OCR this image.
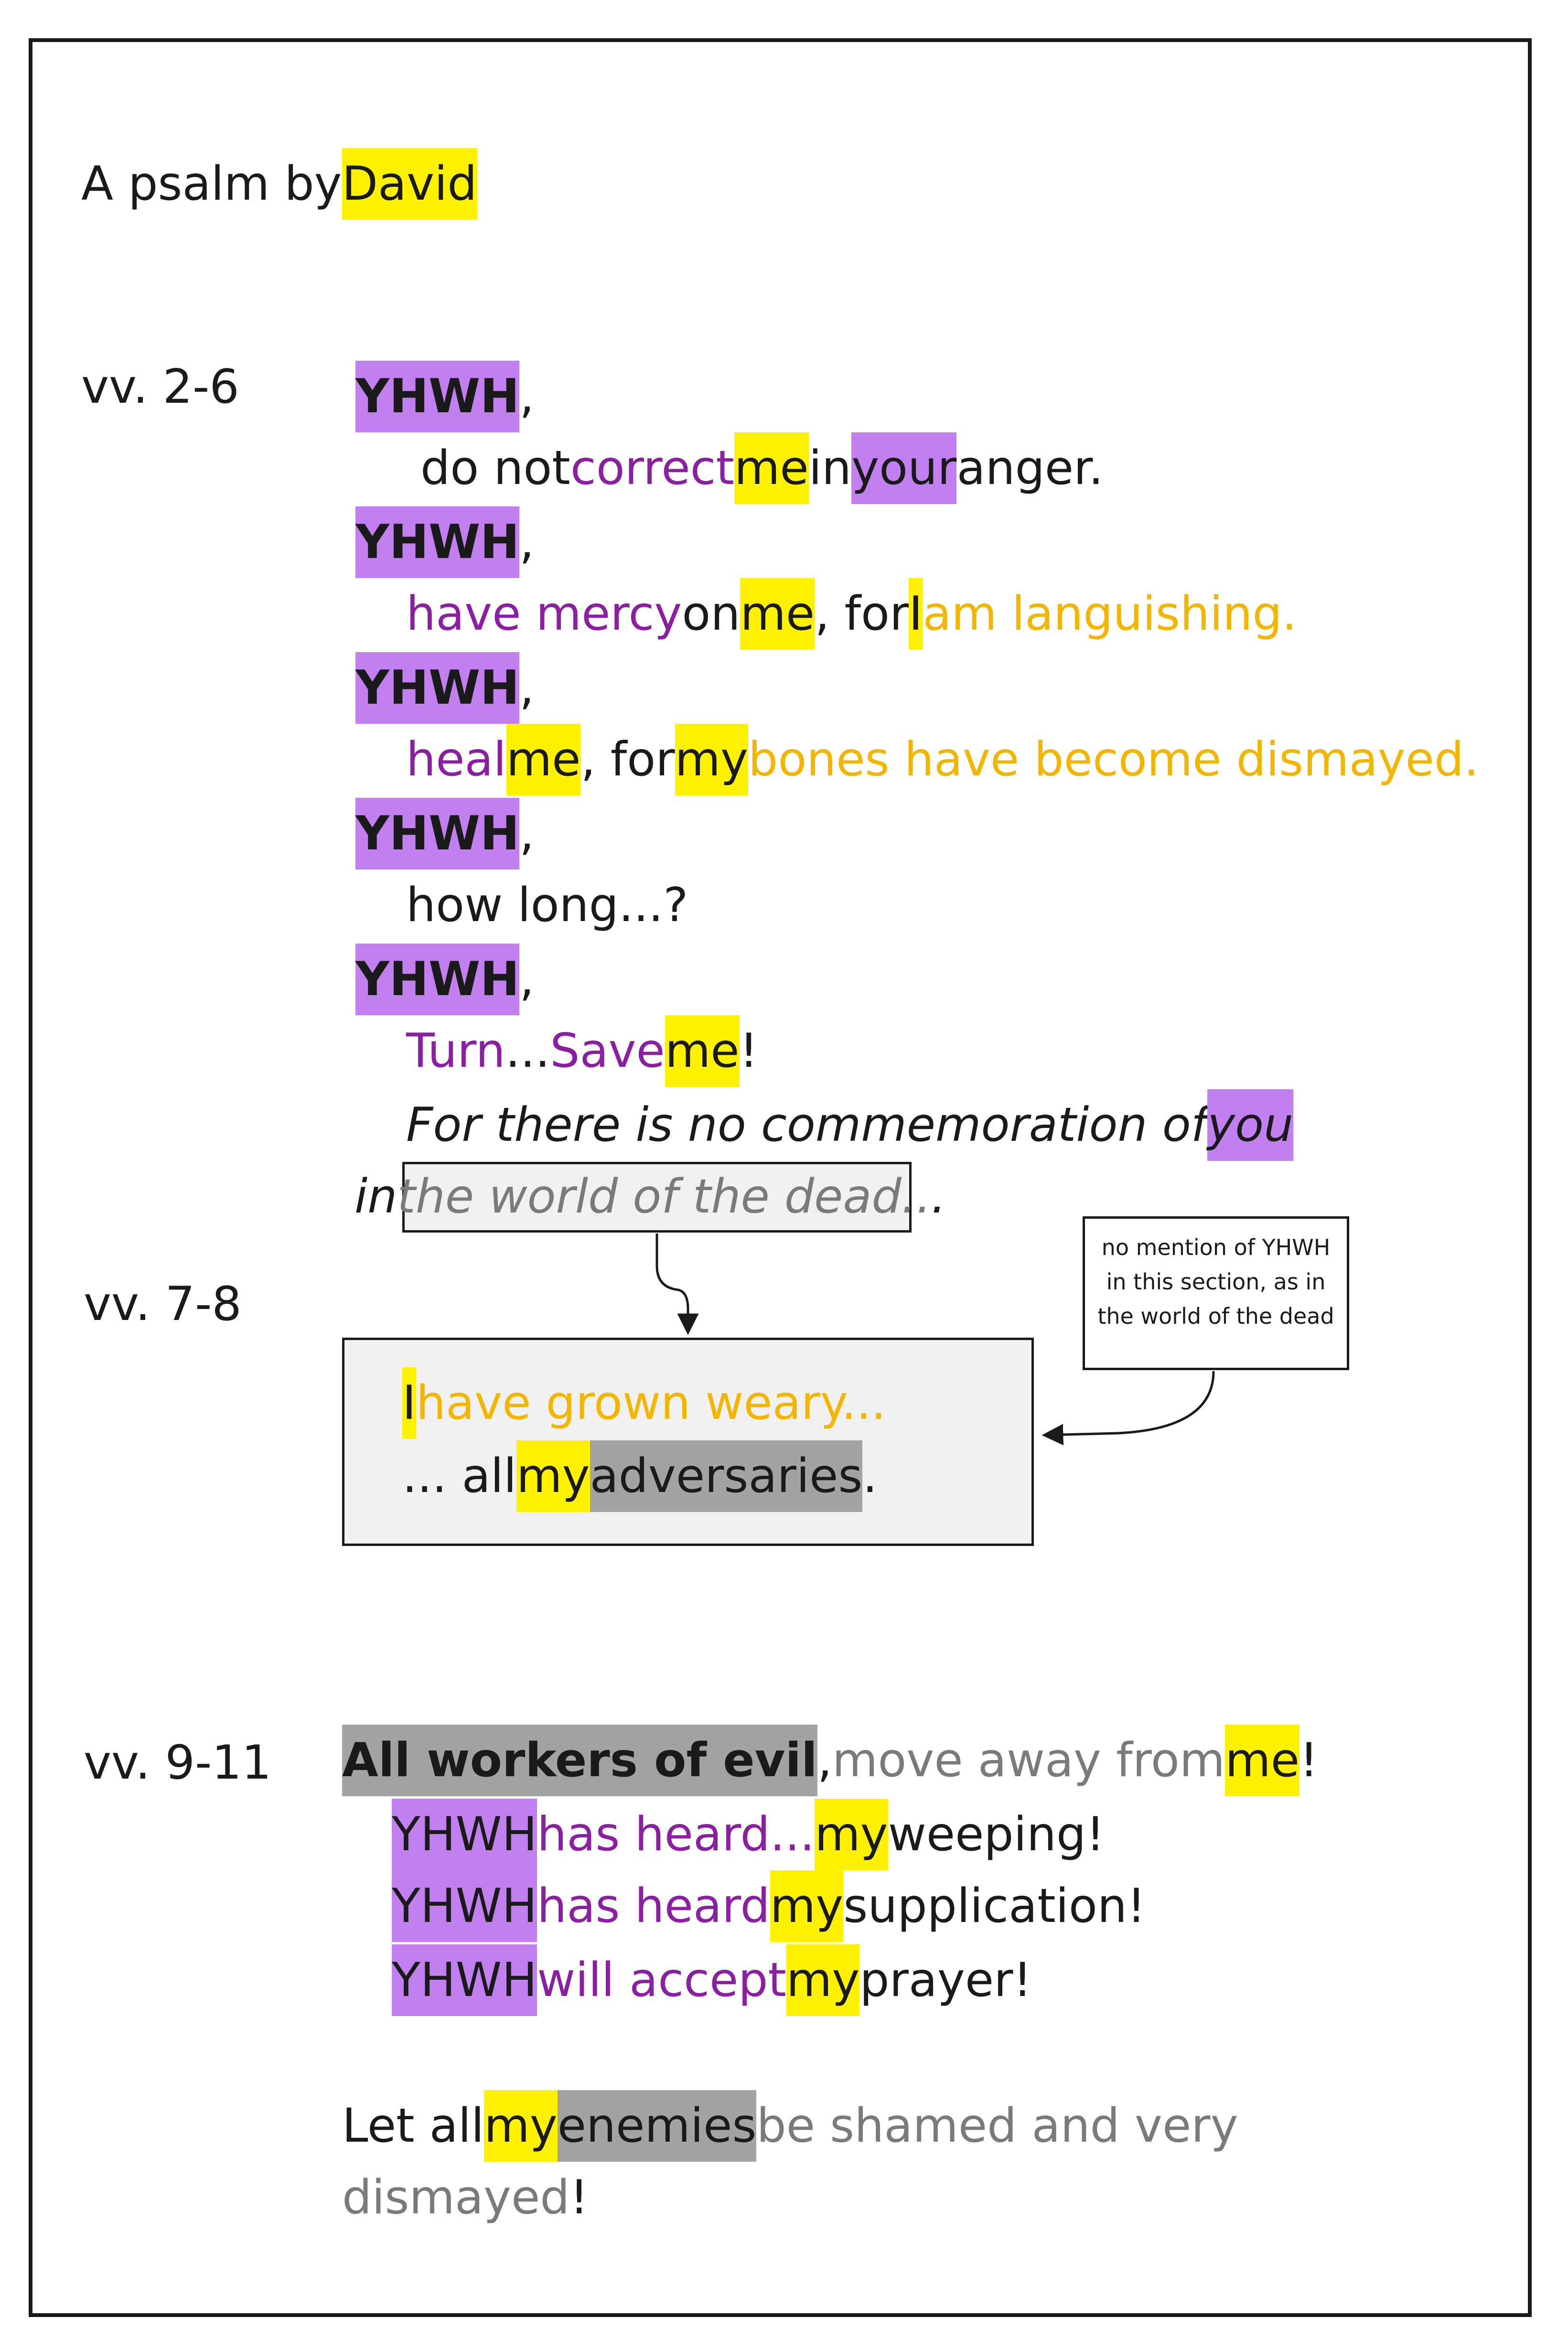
A psalm byDavid
vv. 2-6
vv. 7-8
vv. 9-11
YHWH,
do notcorrectmeinyouranger.
YHWH,
have mercyonme, forIam languishing.
YHWH,
healme, formybones have become dismayed.
YHWH,
how long...?
YHWH,
Turn...Saveme!
For there is no commemoration ofyou
inthe world of the dead...
Ihave grown weary...
... allmyadversaries.
no mention of YHWH
in this section, as in
the world of the dead
All workers of evil,move away fromme!
YHWHhas heard...myweeping!
YHWHhas heardmysupplication!
YHWHwill acceptmyprayer!
Let allmyenemiesbe shamed and very
dismayed!
